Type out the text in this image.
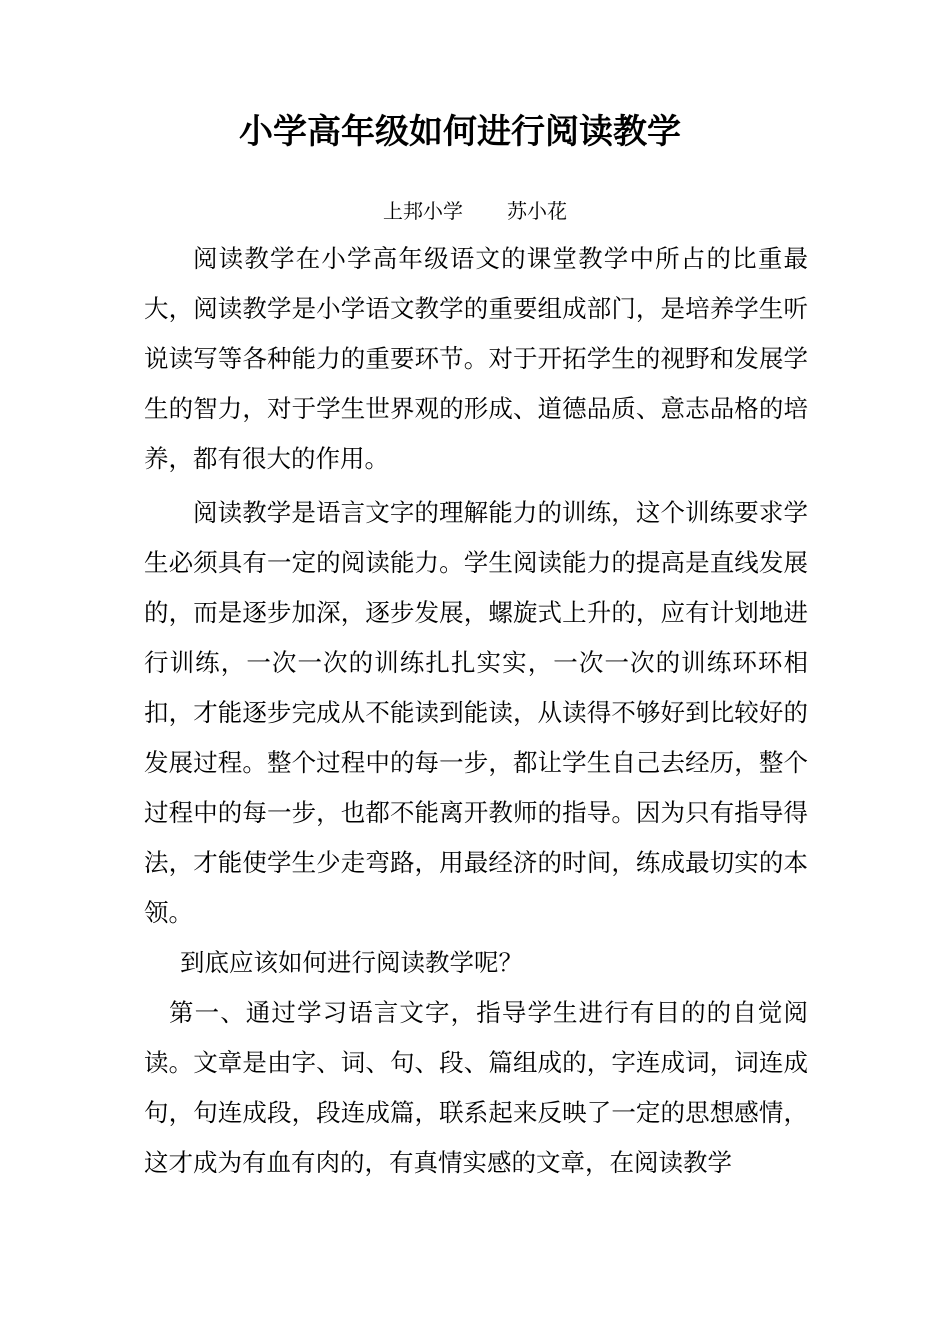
小学高年级如何进行阅读教学
上邦小学 苏小花

阅读教学在小学高年级语文的课堂教学中所占的比重最大，阅读教学是小学语文教学的重要组成部门，是培养学生听说读写等各种能力的重要环节。对于开拓学生的视野和发展学生的智力，对于学生世界观的形成、道德品质、意志品格的培养，都有很大的作用。

阅读教学是语言文字的理解能力的训练，这个训练要求学生必须具有一定的阅读能力。学生阅读能力的提高是直线发展的，而是逐步加深，逐步发展，螺旋式上升的，应有计划地进行训练，一次一次的训练扎扎实实，一次一次的训练环环相扣，才能逐步完成从不能读到能读，从读得不够好到比较好的发展过程。整个过程中的每一步，都让学生自己去经历，整个过程中的每一步，也都不能离开教师的指导。因为只有指导得法，才能使学生少走弯路，用最经济的时间，练成最切实的本领。

到底应该如何进行阅读教学呢？

第一、通过学习语言文字，指导学生进行有目的的自觉阅读。文章是由字、词、句、段、篇组成的，字连成词，词连成句，句连成段，段连成篇，联系起来反映了一定的思想感情，这才成为有血有肉的，有真情实感的文章，在阅读教学
